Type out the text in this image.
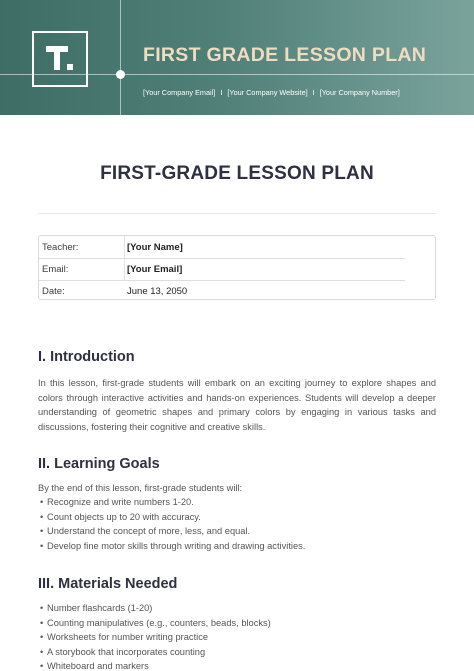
FIRST GRADE LESSON PLAN
[Your Company Email] I [Your Company Website] I [Your Company Number]
FIRST-GRADE LESSON PLAN
Teacher:	[Your Name]
Email:	[Your Email]
Date:	June 13, 2050
I. Introduction

In this lesson, first-grade students will embark on an exciting journey to explore shapes and colors through interactive activities and hands-on experiences. Students will develop a deeper understanding of geometric shapes and primary colors by engaging in various tasks and discussions, fostering their cognitive and creative skills.

II. Learning Goals
By the end of this lesson, first-grade students will:
• Recognize and write numbers 1-20.
• Count objects up to 20 with accuracy.
• Understand the concept of more, less, and equal.
• Develop fine motor skills through writing and drawing activities.
III. Materials Needed
• Number flashcards (1-20)
• Counting manipulatives (e.g., counters, beads, blocks)
• Worksheets for number writing practice
• A storybook that incorporates counting
• Whiteboard and markers
